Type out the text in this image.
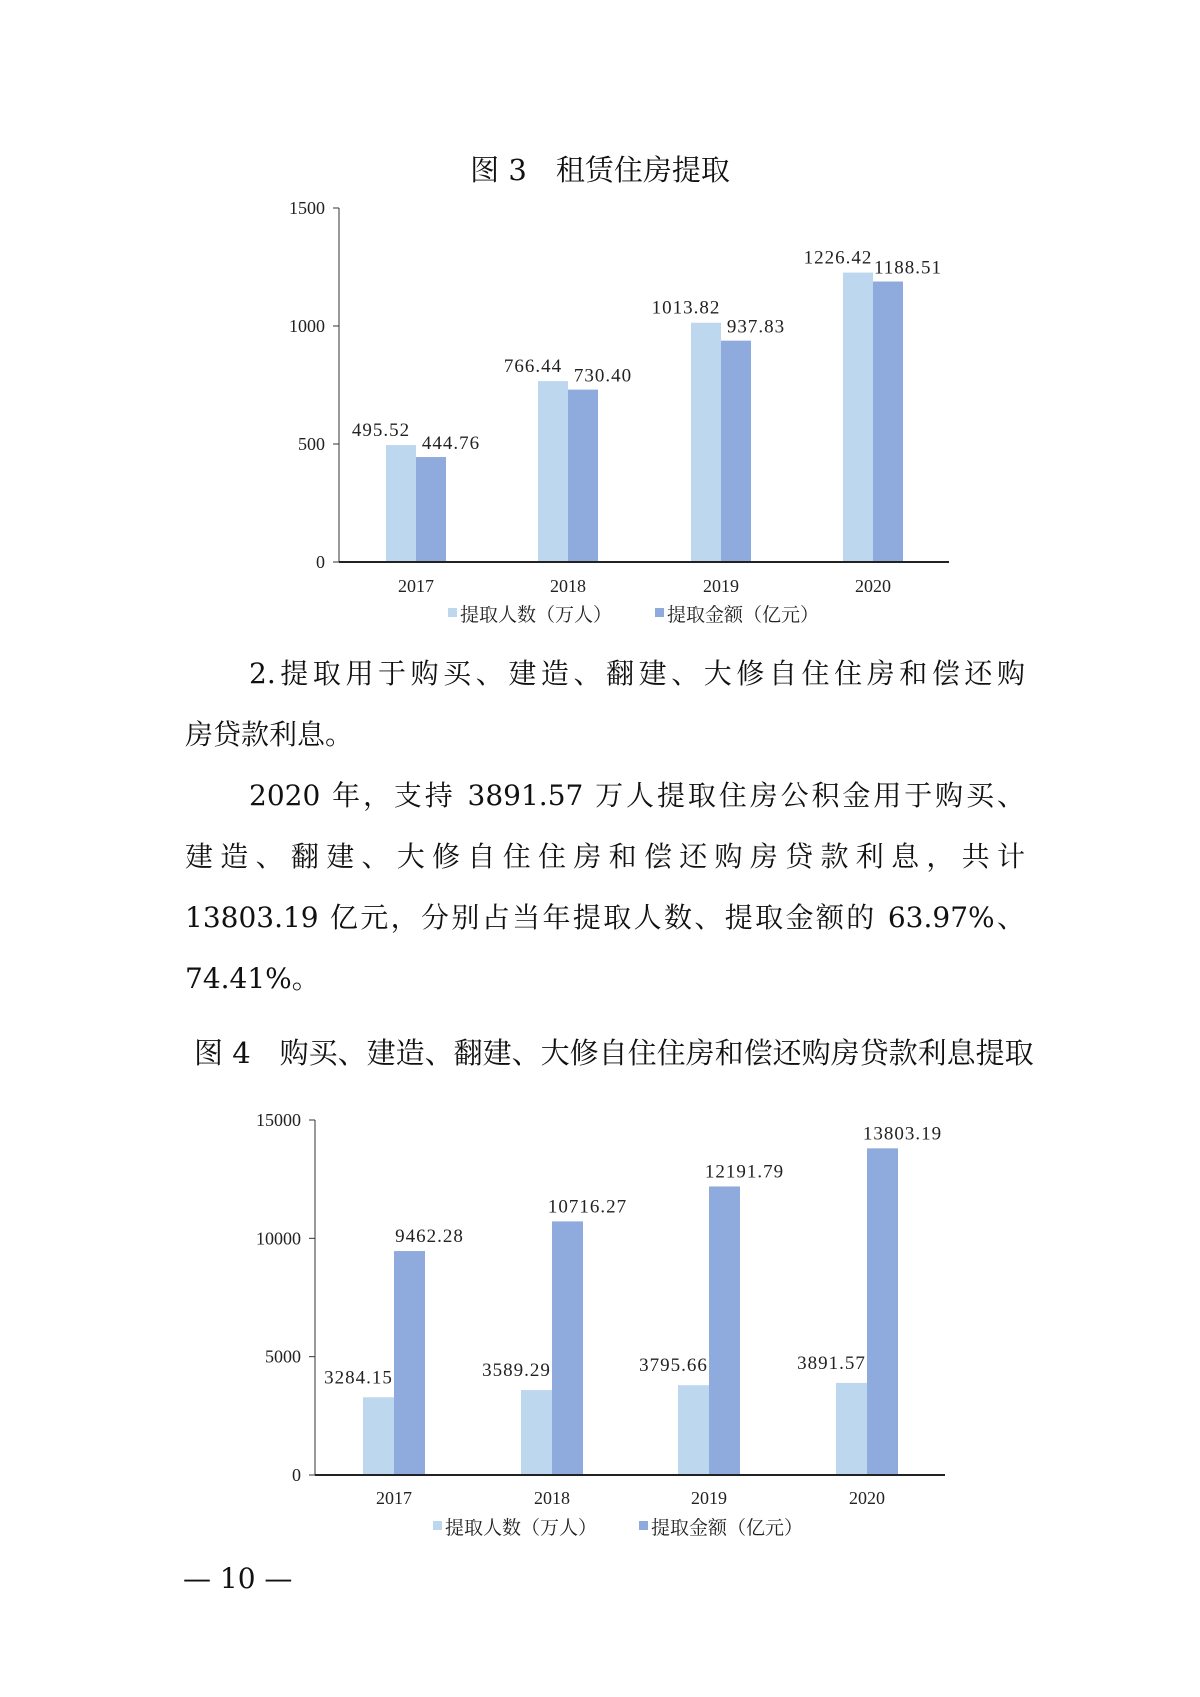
图 3　租赁住房提取
0
500
1000
1500
495.52
444.76
2017
766.44 730.40
2018
1013.82
937.83
2019
1226.42 1188.51
2020
提取人数（万人）	提取金额（亿元）
2.提取用于购买、建造、翻建、大修自住住房和偿还购
房贷款利息。
2020 年，支持 3891.57 万人提取住房公积金用于购买、
建造、翻建、大修自住住房和偿还购房贷款利息，共计
13803.19 亿元，分别占当年提取人数、提取金额的 63.97%、
74.41%。
图 4　购买、建造、翻建、大修自住住房和偿还购房贷款利息提取
0
5000
10000
15000
3284.15
9462.28
2017
3589.29
10716.27
2018
3795.66
12191.79
2019
3891.57
13803.19
2020
提取人数（万人）	提取金额（亿元）
— 10 —
